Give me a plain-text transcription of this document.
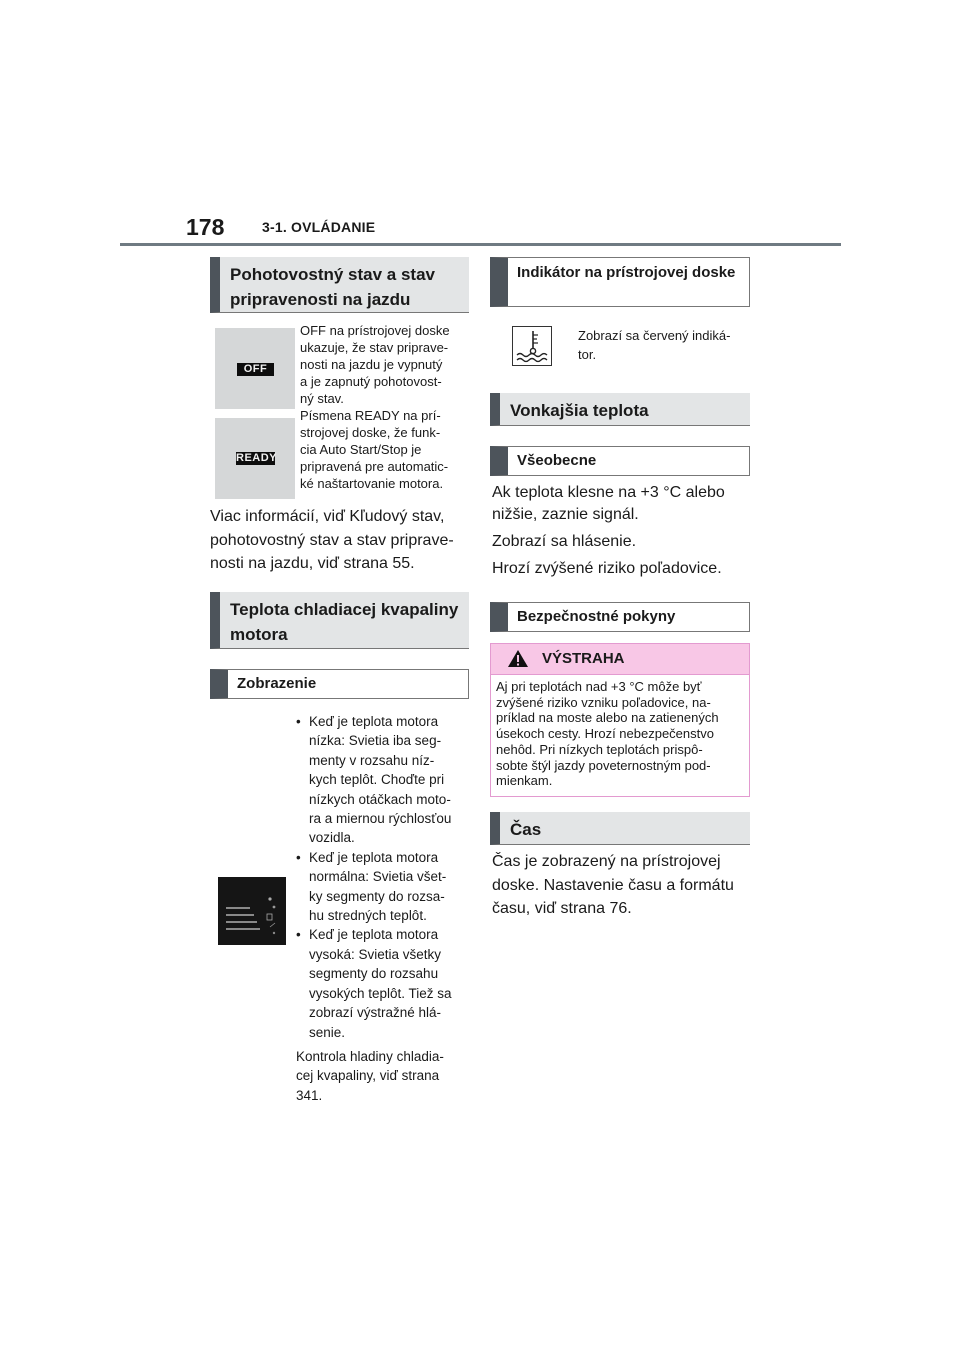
178	3-1. OVLÁDANIE
Pohotovostný stav a stav pripravenosti na jazdu
OFF
READY
OFF na prístrojovej doske
ukazuje, že stav priprave-
nosti na jazdu je vypnutý
a je zapnutý pohotovost-
ný stav.
Písmena READY na prí-
strojovej doske, že funk-
cia Auto Start/Stop je
pripravená pre automatic-
ké naštartovanie motora.
Viac informácií, viď Kľudový stav,
pohotovostný stav a stav priprave-
nosti na jazdu, viď strana 55.
Teplota chladiacej kvapaliny motora
Zobrazenie
• Keď je teplota motora
nízka: Svietia iba seg-
menty v rozsahu níz-
kych teplôt. Choďte pri
nízkych otáčkach moto-
ra a miernou rýchlosťou
vozidla.
• Keď je teplota motora
normálna: Svietia všet-
ky segmenty do rozsa-
hu stredných teplôt.
• Keď je teplota motora
vysoká: Svietia všetky
segmenty do rozsahu
vysokých teplôt. Tiež sa
zobrazí výstražné hlá-
senie.
Kontrola hladiny chladia-
cej kvapaliny, viď strana
341.
Indikátor na prístrojovej doske
Zobrazí sa červený indiká-
tor.
Vonkajšia teplota
Všeobecne
Ak teplota klesne na +3 °C alebo
nižšie, zaznie signál.
Zobrazí sa hlásenie.
Hrozí zvýšené riziko poľadovice.
Bezpečnostné pokyny
VÝSTRAHA
Aj pri teplotách nad +3 °C môže byť
zvýšené riziko vzniku poľadovice, na-
príklad na moste alebo na zatienených
úsekoch cesty. Hrozí nebezpečenstvo
nehôd. Pri nízkych teplotách prispô-
sobte štýl jazdy poveternostným pod-
mienkam.
Čas
Čas je zobrazený na prístrojovej
doske. Nastavenie času a formátu
času, viď strana 76.
